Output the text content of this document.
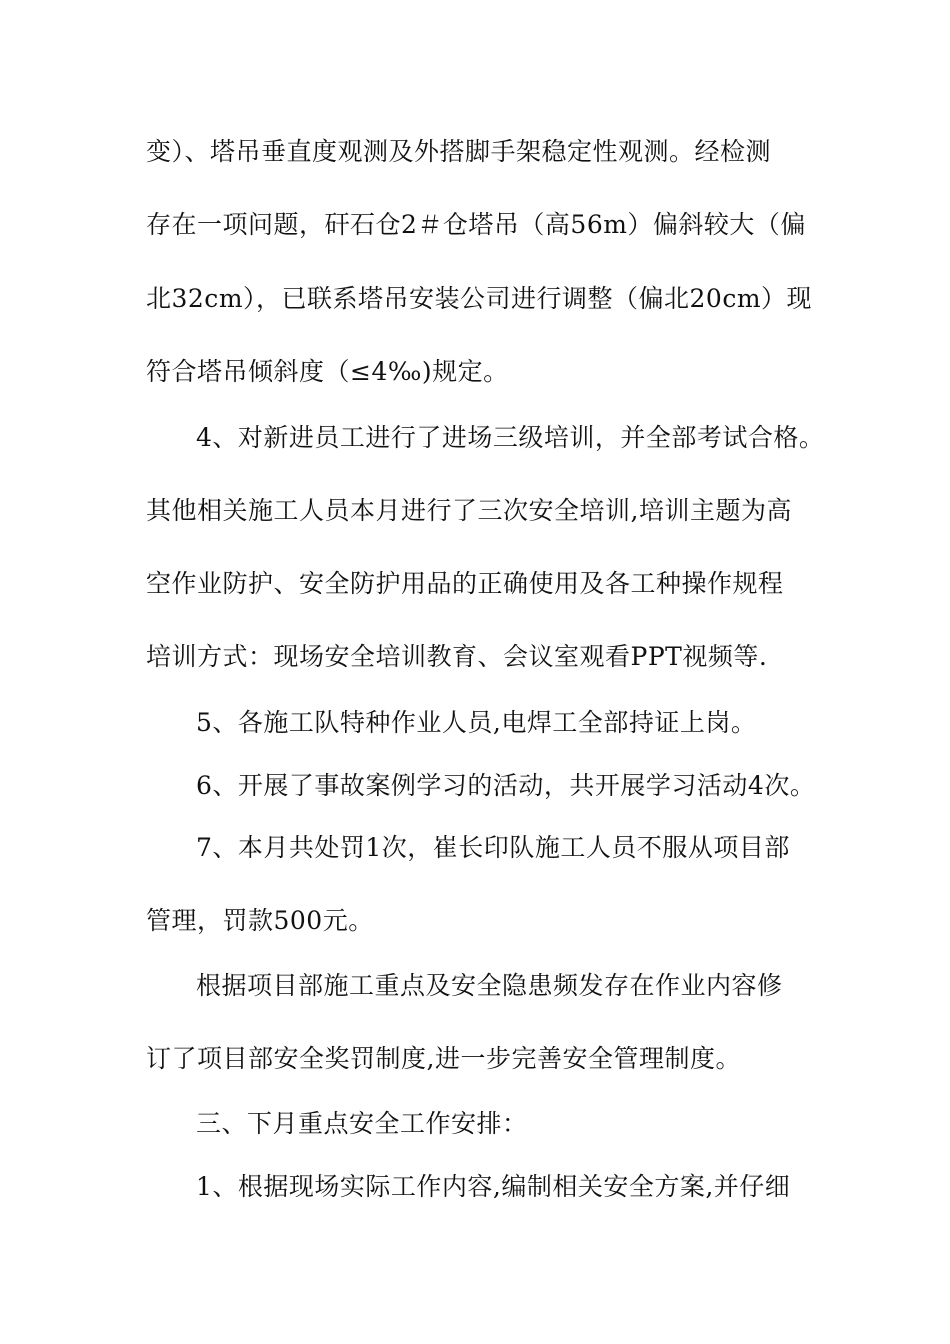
变）、塔吊垂直度观测及外搭脚手架稳定性观测。经检测
存在一项问题，矸石仓2＃仓塔吊（高56m）偏斜较大（偏
北32cm），已联系塔吊安装公司进行调整（偏北20cm）现
符合塔吊倾斜度（≤4‰)规定。
4、对新进员工进行了进场三级培训，并全部考试合格。
其他相关施工人员本月进行了三次安全培训,培训主题为高
空作业防护、安全防护用品的正确使用及各工种操作规程
培训方式：现场安全培训教育、会议室观看PPT视频等.
5、各施工队特种作业人员,电焊工全部持证上岗。
6、开展了事故案例学习的活动，共开展学习活动4次。
7、本月共处罚1次，崔长印队施工人员不服从项目部
管理，罚款500元。
根据项目部施工重点及安全隐患频发存在作业内容修
订了项目部安全奖罚制度,进一步完善安全管理制度。
三、下月重点安全工作安排：
1、根据现场实际工作内容,编制相关安全方案,并仔细
